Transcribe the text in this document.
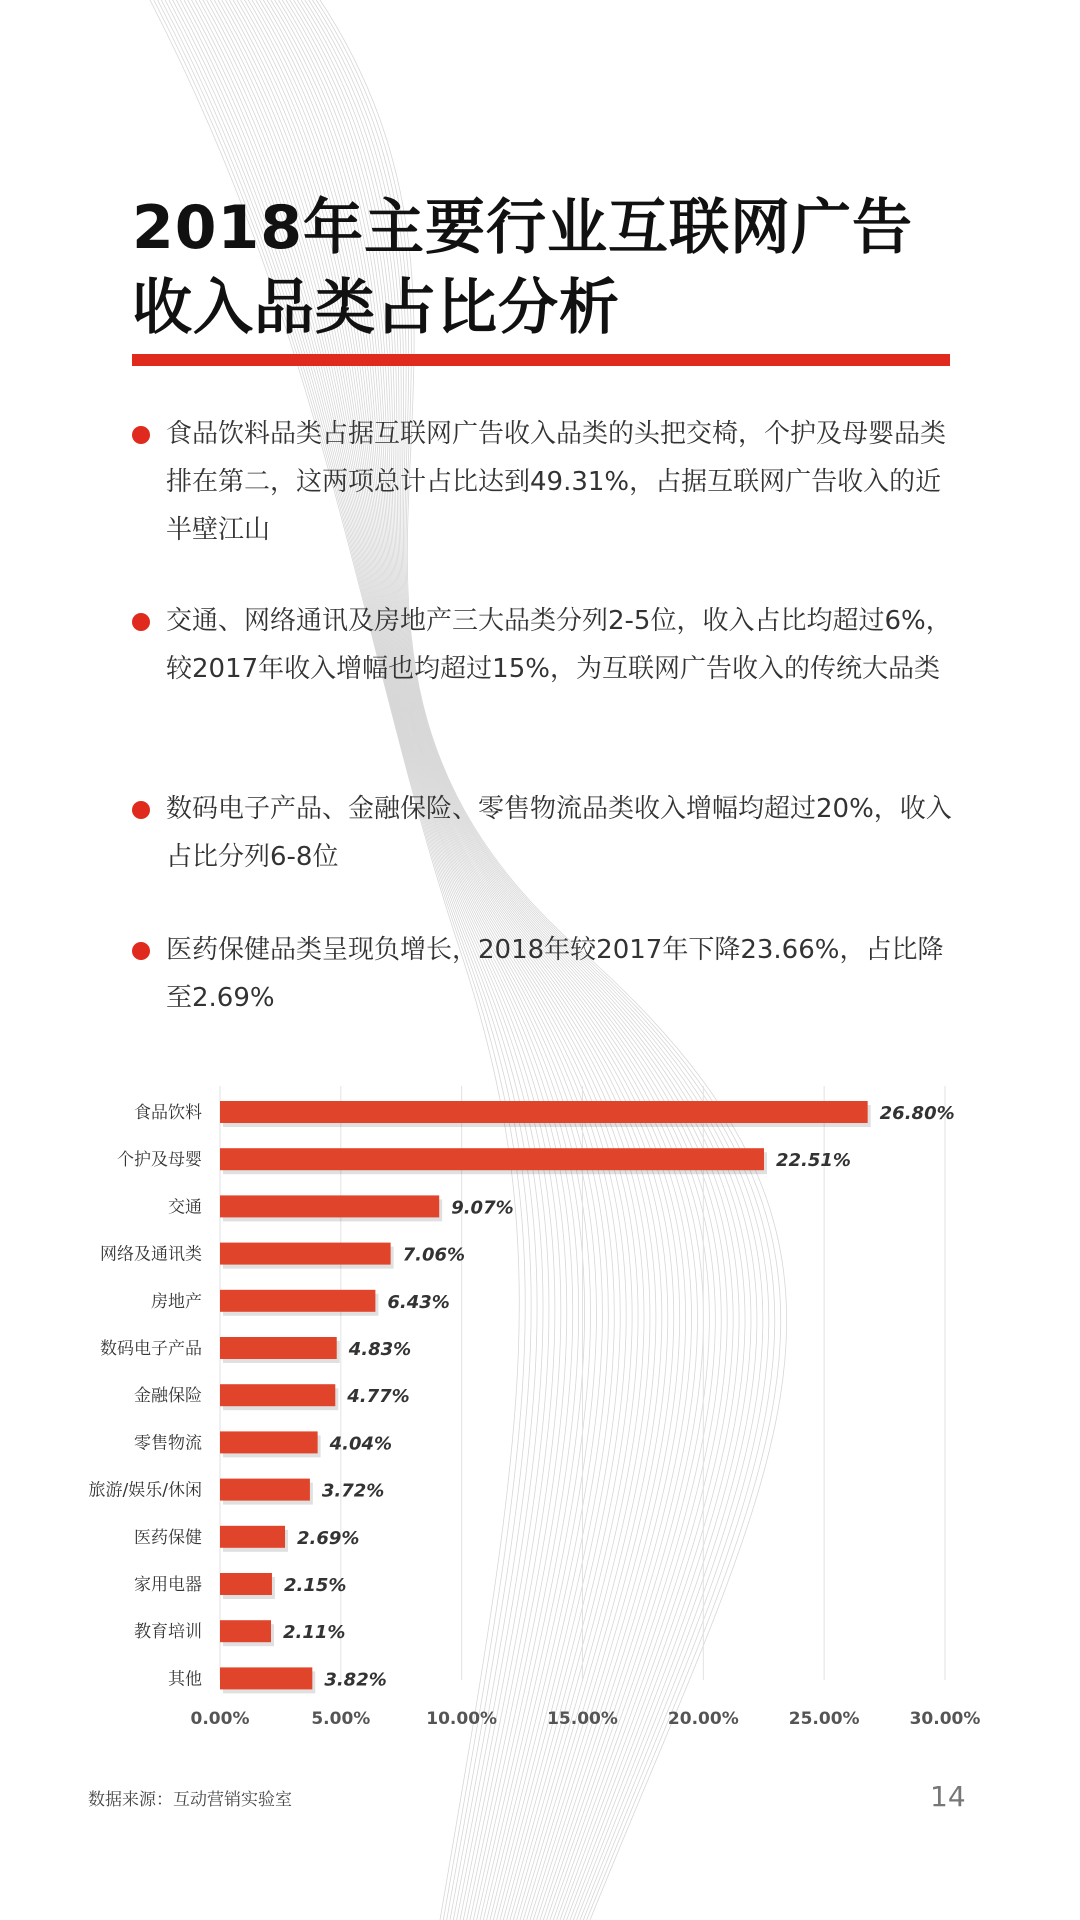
2018年主要行业互联网广告
收入品类占比分析
食品饮料品类占据互联网广告收入品类的头把交椅，个护及母婴品类排在第二，这两项总计占比达到49.31%，占据互联网广告收入的近半壁江山
交通、网络通讯及房地产三大品类分列2-5位，收入占比均超过6%，较2017年收入增幅也均超过15%，为互联网广告收入的传统大品类
数码电子产品、金融保险、零售物流品类收入增幅均超过20%，收入占比分列6-8位
医药保健品类呈现负增长，2018年较2017年下降23.66%，占比降至2.69%
0.00%	5.00%	10.00%	15.00%	20.00%	25.00%	30.00%
食品饮料	26.80%
个护及母婴	22.51%
交通	9.07%
网络及通讯类	7.06%
房地产	6.43%
数码电子产品	4.83%
金融保险	4.77%
零售物流	4.04%
旅游/娱乐/休闲	3.72%
医药保健	2.69%
家用电器	2.15%
教育培训	2.11%
其他	3.82%
数据来源：互动营销实验室	14
